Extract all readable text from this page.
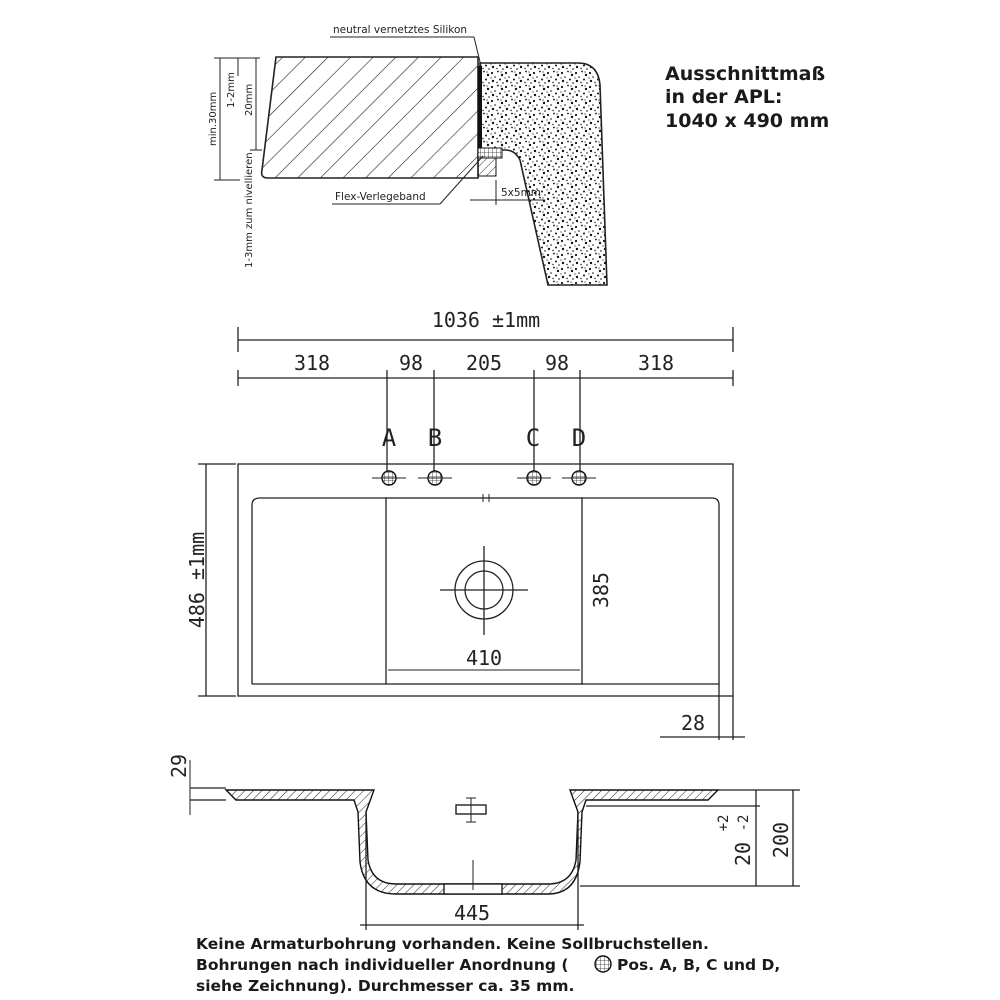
neutral vernetztes Silikon
Flex-Verlegeband	5x5mm
min.30mm
1-2mm 20mm
1-3mm zum nivellieren
Ausschnittmaß
in der APL:
1040 x 490 mm
1036 ±1mm
318	98 205 98	318
A B	C D
486 ±1mm	385
410
28
29
445
+2 -2
20 200
Keine Armaturbohrung vorhanden. Keine Sollbruchstellen.
Bohrungen nach individueller Anordnung (	Pos. A, B, C und D,
siehe Zeichnung). Durchmesser ca. 35 mm.
